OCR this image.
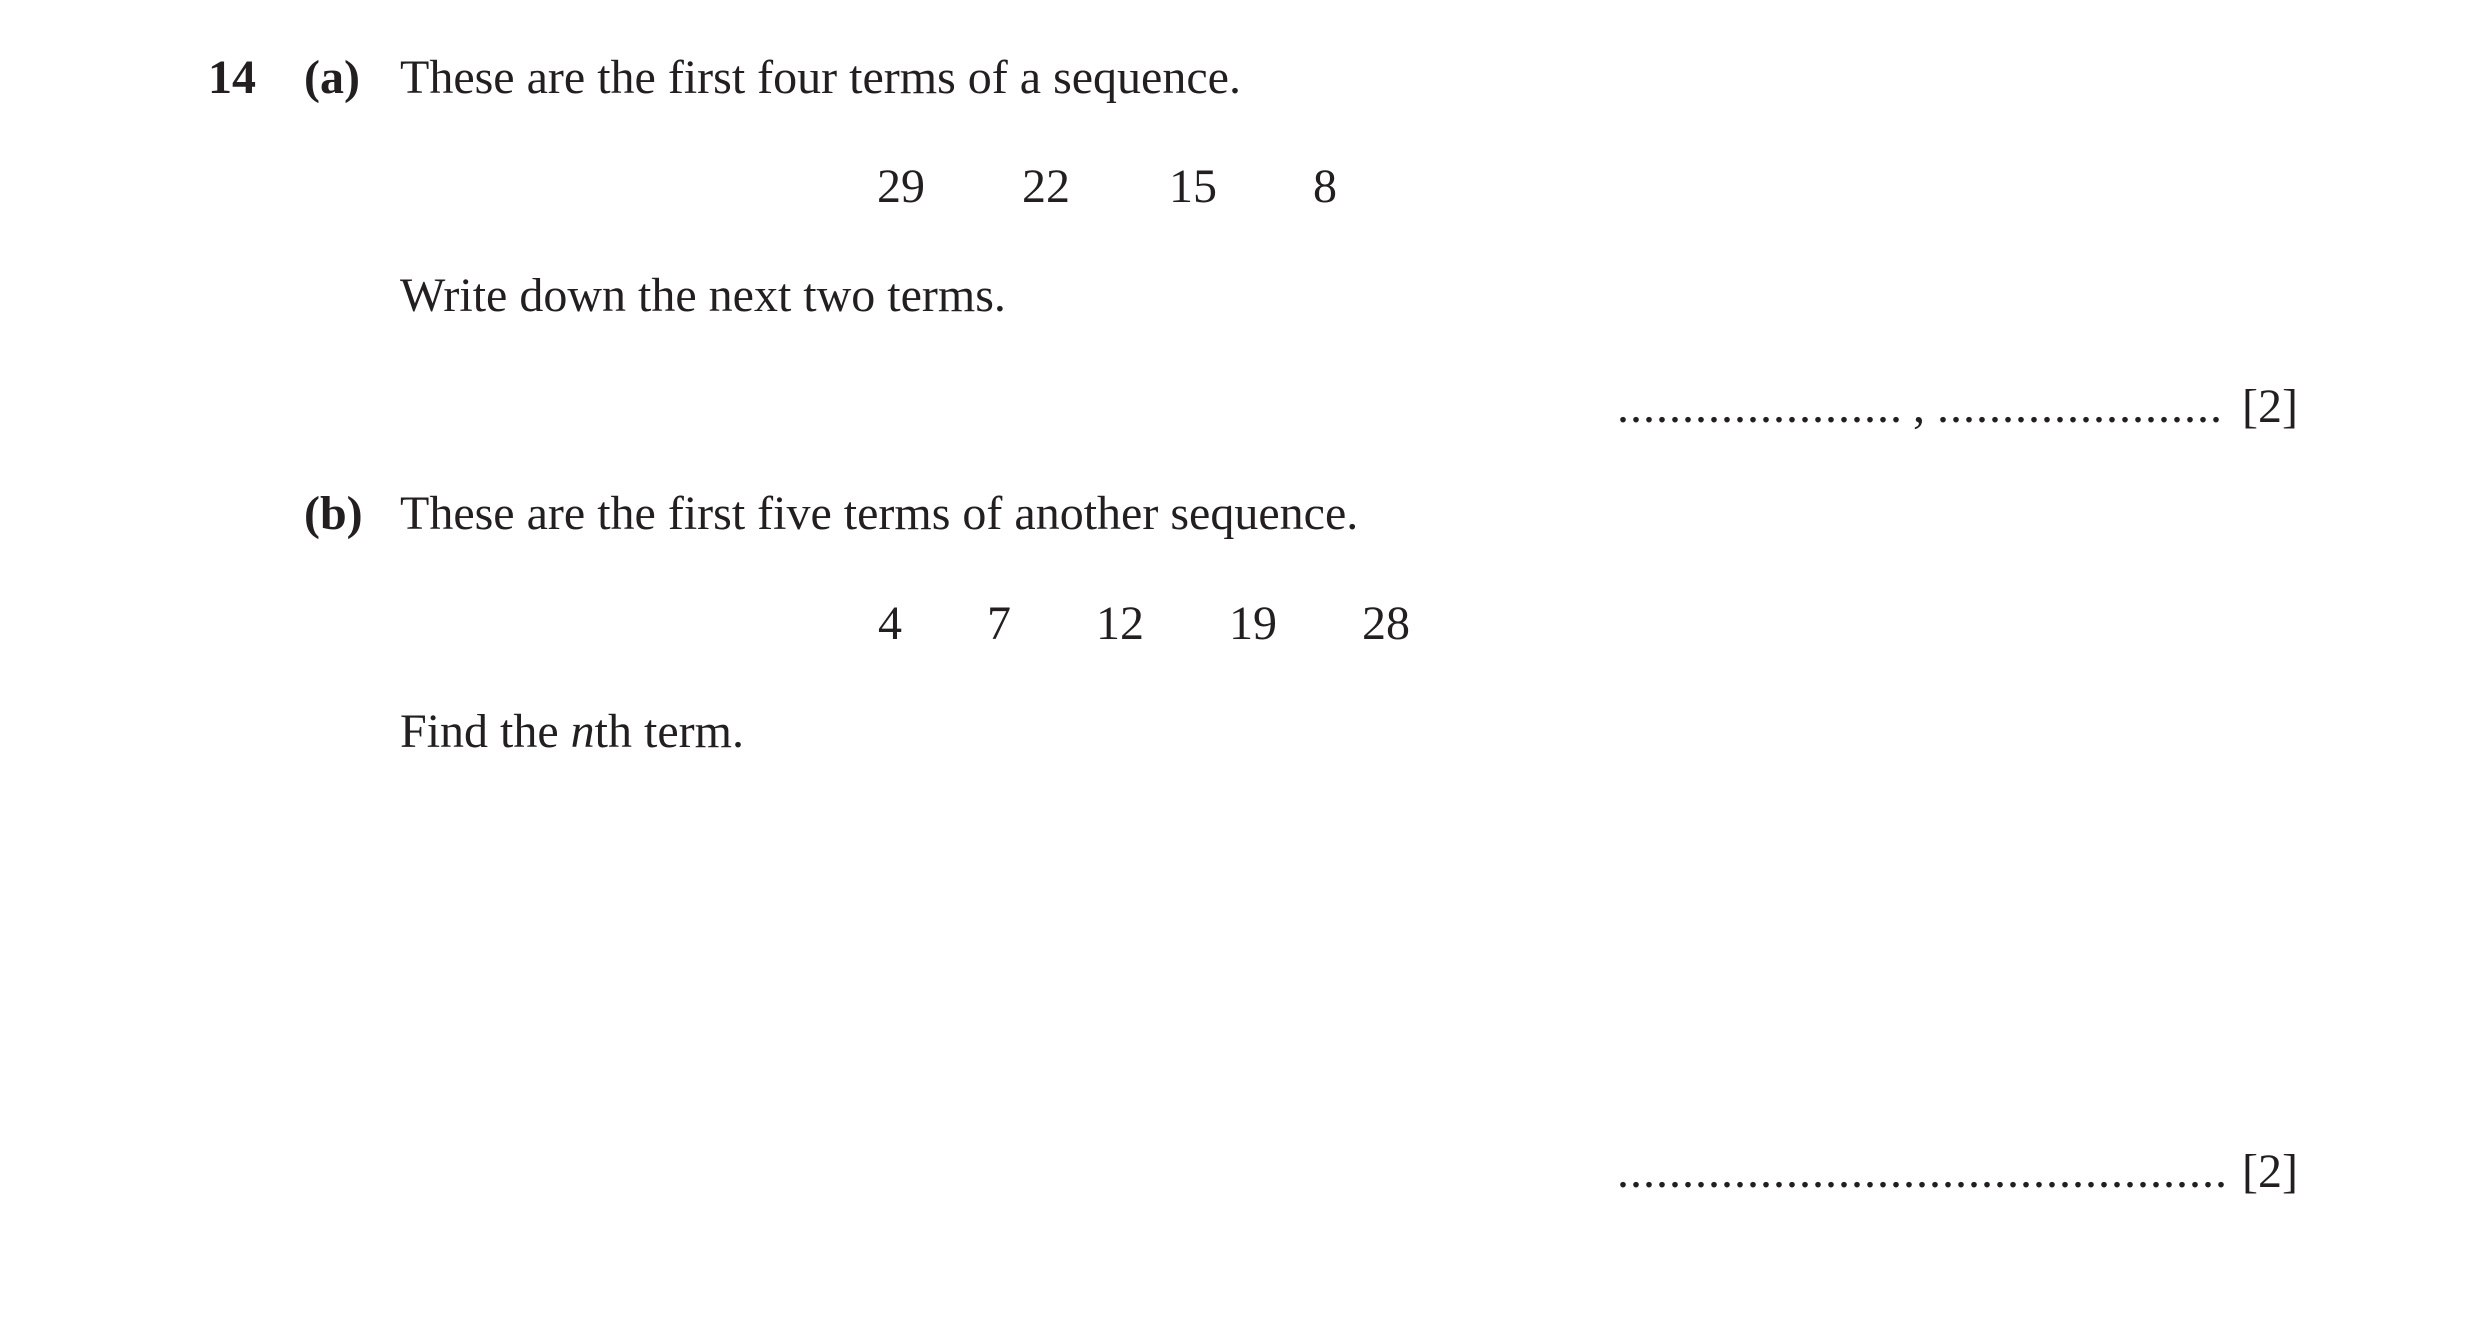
14 (a) These are the first four terms of a sequence.
29	22	15	8
Write down the next two terms.
...................... , ...................... [2]
(b) These are the first five terms of another sequence.
4	7	12	19	28
Find the nth term.
............................................... [2]
